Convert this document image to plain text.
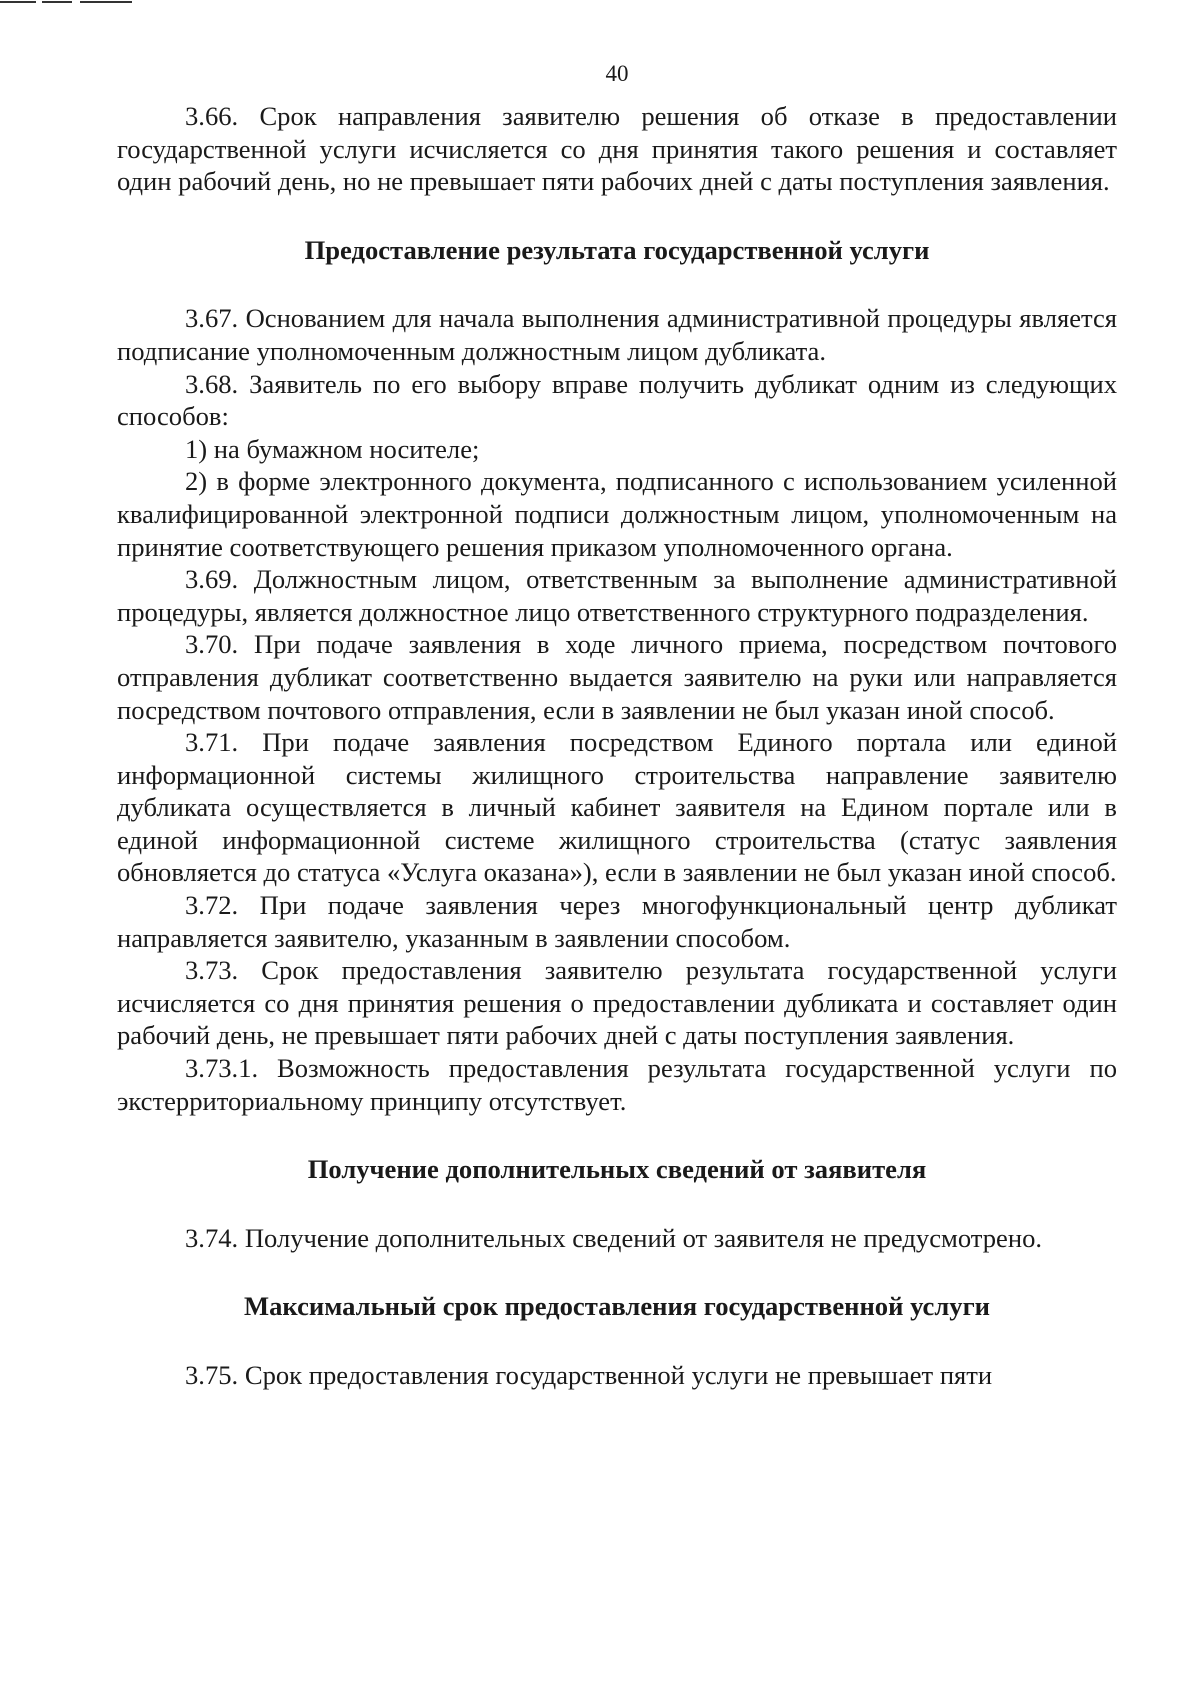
40

3.66. Срок направления заявителю решения об отказе в предоставлении государственной услуги исчисляется со дня принятия такого решения и составляет один рабочий день, но не превышает пяти рабочих дней с даты поступления заявления.

Предоставление результата государственной услуги

3.67. Основанием для начала выполнения административной процедуры является подписание уполномоченным должностным лицом дубликата.

3.68. Заявитель по его выбору вправе получить дубликат одним из следующих способов:

1) на бумажном носителе;

2) в форме электронного документа, подписанного с использованием усиленной квалифицированной электронной подписи должностным лицом, уполномоченным на принятие соответствующего решения приказом уполномоченного органа.

3.69. Должностным лицом, ответственным за выполнение административной процедуры, является должностное лицо ответственного структурного подразделения.

3.70. При подаче заявления в ходе личного приема, посредством почтового отправления дубликат соответственно выдается заявителю на руки или направляется посредством почтового отправления, если в заявлении не был указан иной способ.

3.71. При подаче заявления посредством Единого портала или единой информационной системы жилищного строительства направление заявителю дубликата осуществляется в личный кабинет заявителя на Едином портале или в единой информационной системе жилищного строительства (статус заявления обновляется до статуса «Услуга оказана»), если в заявлении не был указан иной способ.

3.72. При подаче заявления через многофункциональный центр дубликат направляется заявителю, указанным в заявлении способом.

3.73. Срок предоставления заявителю результата государственной услуги исчисляется со дня принятия решения о предоставлении дубликата и составляет один рабочий день, не превышает пяти рабочих дней с даты поступления заявления.

3.73.1. Возможность предоставления результата государственной услуги по экстерриториальному принципу отсутствует.

Получение дополнительных сведений от заявителя

3.74. Получение дополнительных сведений от заявителя не предусмотрено.

Максимальный срок предоставления государственной услуги

3.75. Срок предоставления государственной услуги не превышает пяти
